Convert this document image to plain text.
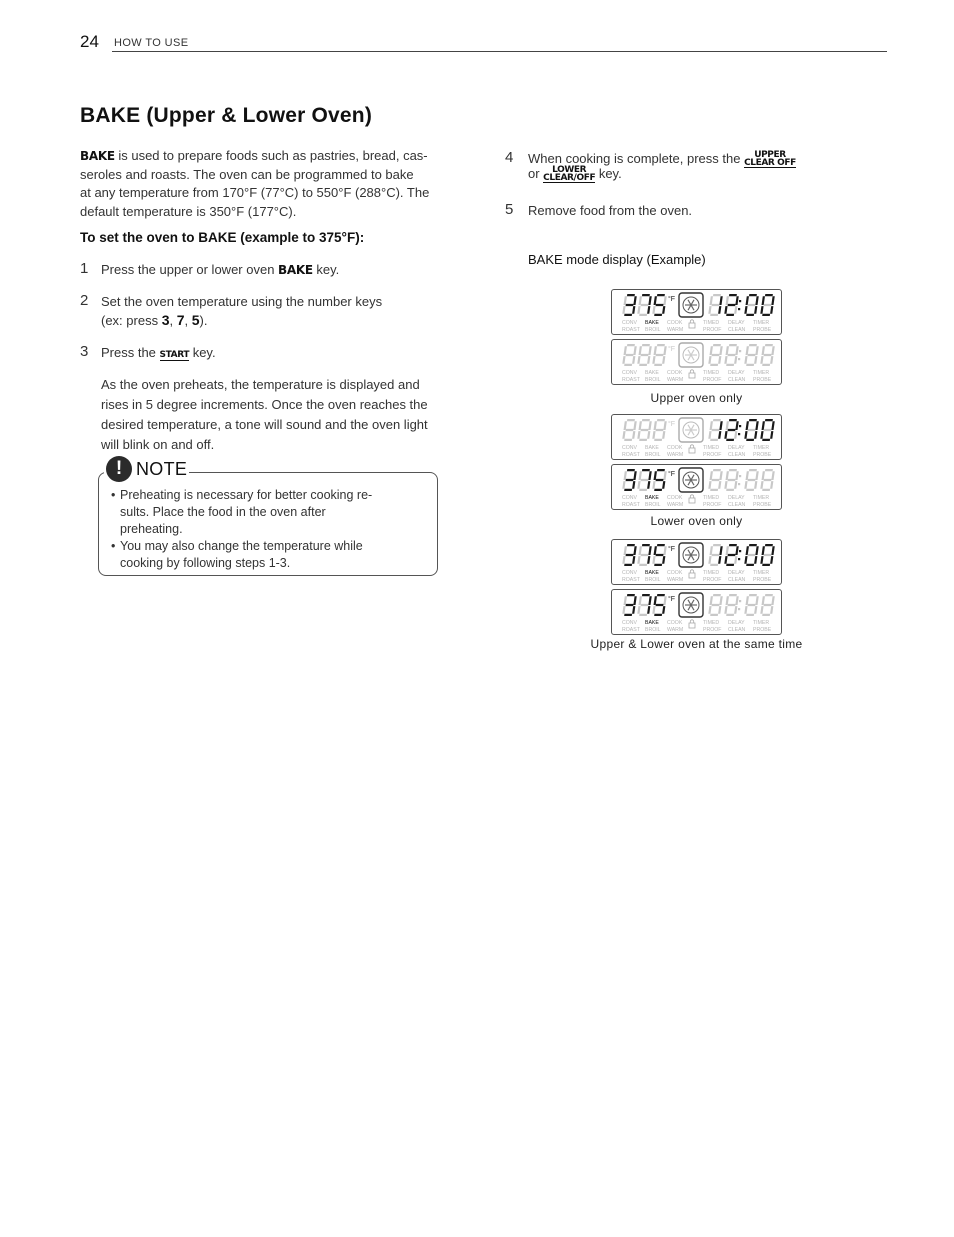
24 HOW TO USE
BAKE (Upper & Lower Oven)
BAKE is used to prepare foods such as pastries, bread, cas-
seroles and roasts. The oven can be programmed to bake
at any temperature from 170°F (77°C) to 550°F (288°C). The
default temperature is 350°F (177°C).
To set the oven to BAKE (example to 375°F):
1 Press the upper or lower oven BAKE key.
2 Set the oven temperature using the number keys
(ex: press 3, 7, 5).
3 Press the START key.
As the oven preheats, the temperature is displayed and
rises in 5 degree increments. Once the oven reaches the
desired temperature, a tone will sound and the oven light
will blink on and off.
! NOTE
• Preheating is necessary for better cooking re-
sults. Place the food in the oven after
preheating.
• You may also change the temperature while
cooking by following steps 1-3.
4 When cooking is complete, press the	UPPER
CLEAR OFF
or LOWER
CLEAR/OFF key.
5 Remove food from the oven.
BAKE mode display (Example)
°F
CONV
ROAST
BAKE
BROIL
COOK
WARM
TIMED
PROOF
DELAY
CLEAN
TIMER
PROBE
°F
CONV
ROAST
BAKE
BROIL
COOK
WARM
TIMED
PROOF
DELAY
CLEAN
TIMER
PROBE
Upper oven only
°F
CONV
ROAST
BAKE
BROIL
COOK
WARM
TIMED
PROOF
DELAY
CLEAN
TIMER
PROBE
°F
CONV
ROAST
BAKE
BROIL
COOK
WARM
TIMED
PROOF
DELAY
CLEAN
TIMER
PROBE
Lower oven only
°F
CONV
ROAST
BAKE
BROIL
COOK
WARM
TIMED
PROOF
DELAY
CLEAN
TIMER
PROBE
°F
CONV
ROAST
BAKE
BROIL
COOK
WARM
TIMED
PROOF
DELAY
CLEAN
TIMER
PROBE
Upper & Lower oven at the same time
